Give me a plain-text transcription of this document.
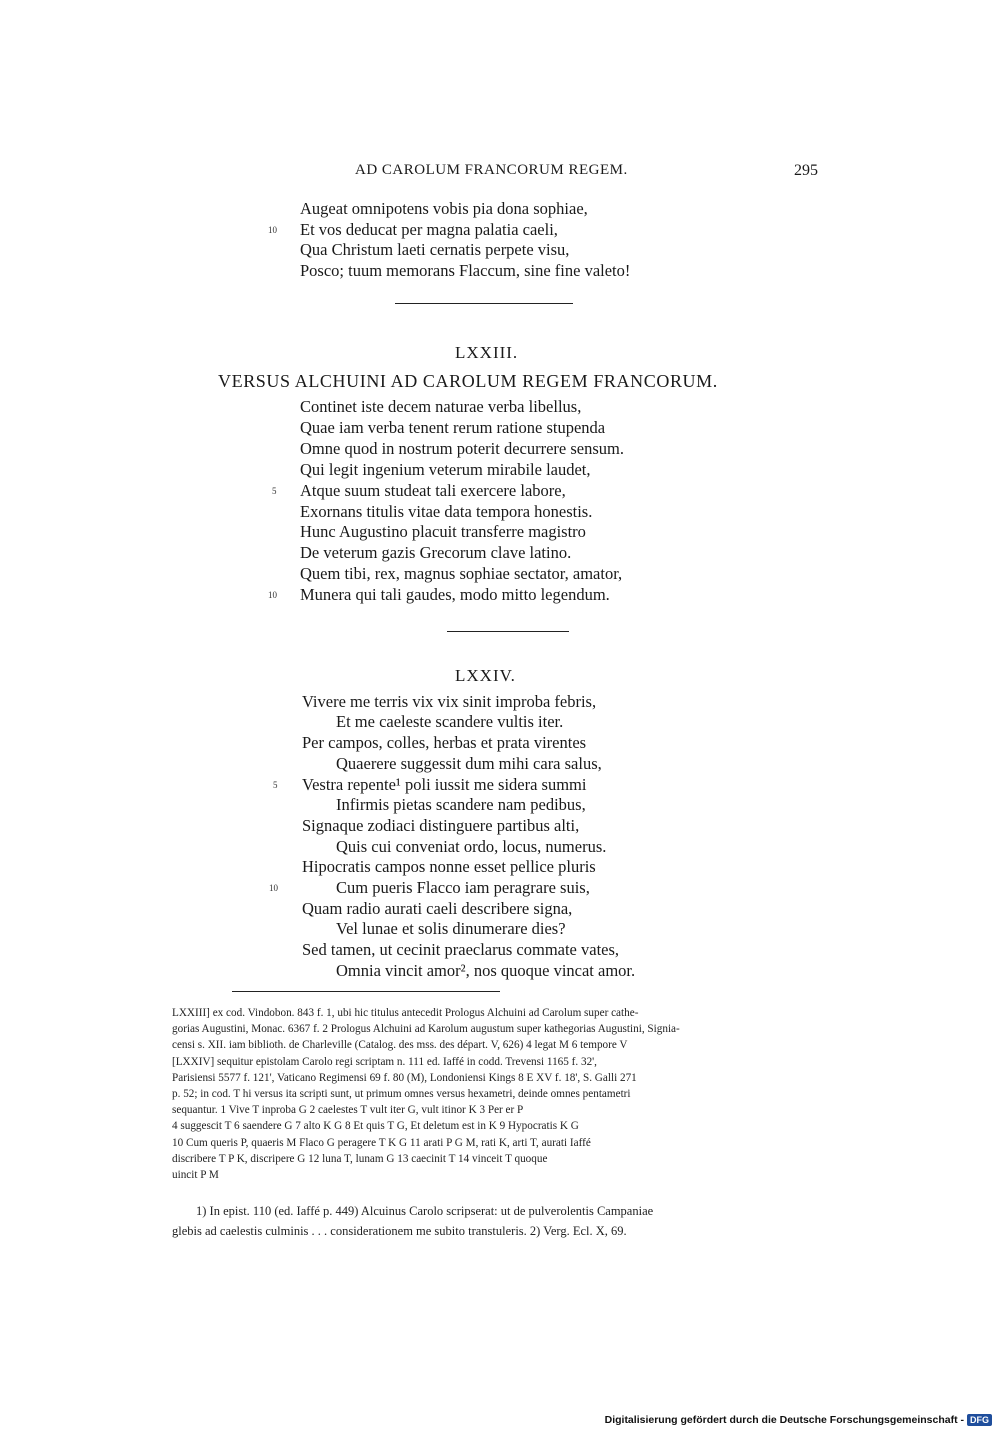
AD CAROLUM FRANCORUM REGEM.	295
Augeat omnipotens vobis pia dona sophiae,
10 Et vos deducat per magna palatia caeli,
Qua Christum laeti cernatis perpete visu,
Posco; tuum memorans Flaccum, sine fine valeto!
LXXIII.
VERSUS ALCHUINI AD CAROLUM REGEM FRANCORUM.
Continet iste decem naturae verba libellus,
Quae iam verba tenent rerum ratione stupenda
Omne quod in nostrum poterit decurrere sensum.
Qui legit ingenium veterum mirabile laudet,
5 Atque suum studeat tali exercere labore,
Exornans titulis vitae data tempora honestis.
Hunc Augustino placuit transferre magistro
De veterum gazis Grecorum clave latino.
Quem tibi, rex, magnus sophiae sectator, amator,
10 Munera qui tali gaudes, modo mitto legendum.
LXXIV.
Vivere me terris vix vix sinit improba febris,
Et me caeleste scandere vultis iter.
Per campos, colles, herbas et prata virentes
Quaerere suggessit dum mihi cara salus,
5 Vestra repente¹ poli iussit me sidera summi
Infirmis pietas scandere nam pedibus,
Signaque zodiaci distinguere partibus alti,
Quis cui conveniat ordo, locus, numerus.
Hipocratis campos nonne esset pellice pluris
10	Cum pueris Flacco iam peragrare suis,
Quam radio aurati caeli describere signa,
Vel lunae et solis dinumerare dies?
Sed tamen, ut cecinit praeclarus commate vates,
Omnia vincit amor², nos quoque vincat amor.
LXXIII] ex cod. Vindobon. 843 f. 1, ubi hic titulus antecedit Prologus Alchuini ad Carolum super cathe-
gorias Augustini, Monac. 6367 f. 2 Prologus Alchuini ad Karolum augustum super kathegorias Augustini, Signia-
censi s. XII. iam biblioth. de Charleville (Catalog. des mss. des départ. V, 626) 4 legat M 6 tempore V
[LXXIV] sequitur epistolam Carolo regi scriptam n. 111 ed. Iaffé in codd. Trevensi 1165 f. 32',
Parisiensi 5577 f. 121', Vaticano Regimensi 69 f. 80 (M), Londoniensi Kings 8 E XV f. 18', S. Galli 271
p. 52; in cod. T hi versus ita scripti sunt, ut primum omnes versus hexametri, deinde omnes pentametri
sequantur. 1 Vive T inproba G 2 caelestes T vult iter G, vult itinor K 3 Per er P
4 suggescit T 6 saendere G 7 alto K G 8 Et quis T G, Et deletum est in K 9 Hypocratis K G
10 Cum queris P, quaeris M Flaco G peragere T K G 11 arati P G M, rati K, arti T, aurati Iaffé
discribere T P K, discripere G 12 luna T, lunam G 13 caecinit T 14 vinceit T quoque
uincit P M
1) In epist. 110 (ed. Iaffé p. 449) Alcuinus Carolo scripserat: ut de pulverolentis Campaniae
glebis ad caelestis culminis . . . considerationem me subito transtuleris. 2) Verg. Ecl. X, 69.
Digitalisierung gefördert durch die Deutsche Forschungsgemeinschaft - DFG
